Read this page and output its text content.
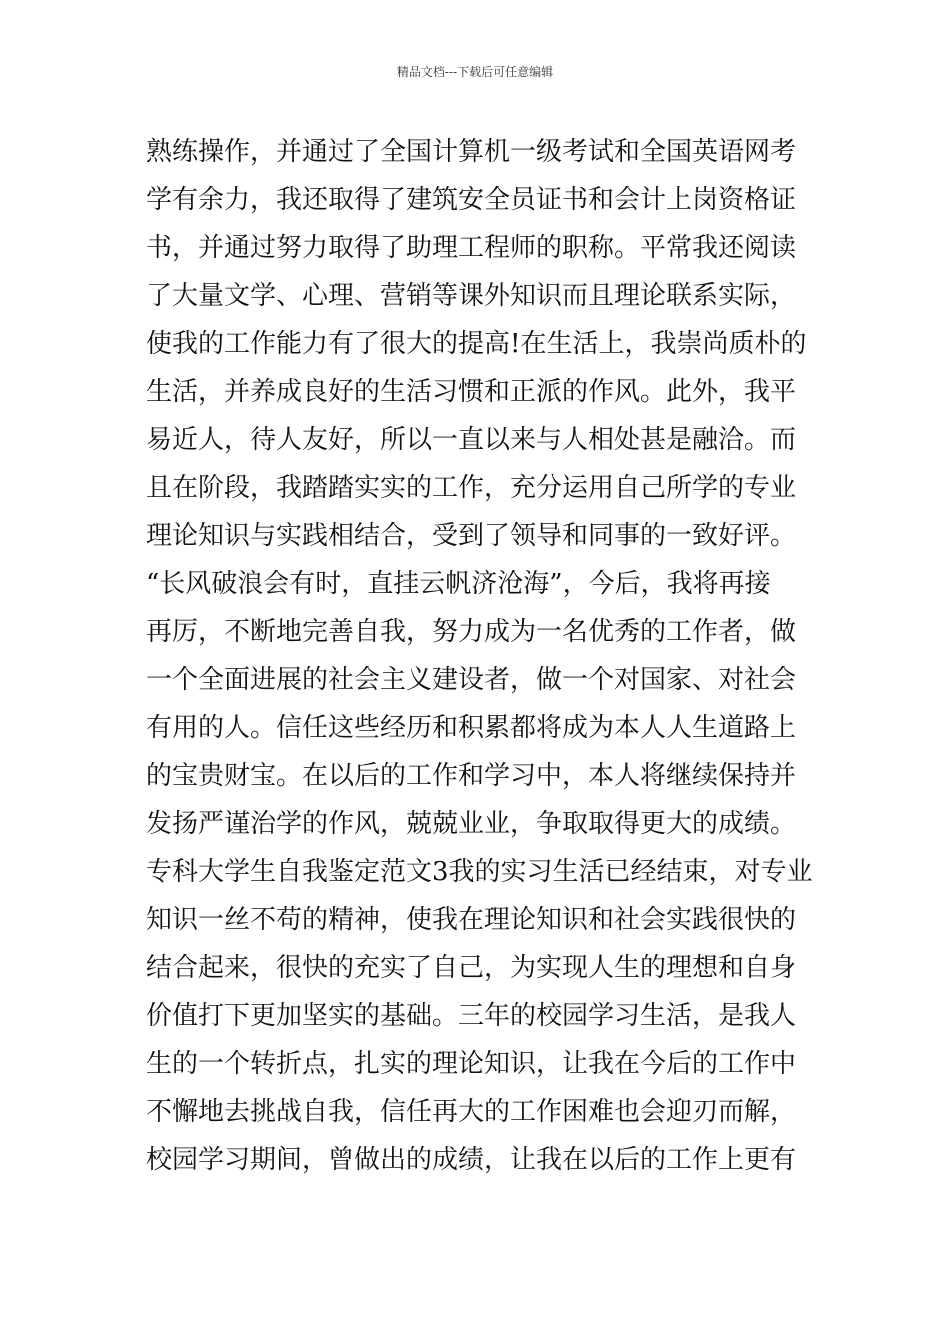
精品文档---下载后可任意编辑
熟练操作，并通过了全国计算机一级考试和全国英语网考
学有余力，我还取得了建筑安全员证书和会计上岗资格证
书，并通过努力取得了助理工程师的职称。平常我还阅读
了大量文学、心理、营销等课外知识而且理论联系实际，
使我的工作能力有了很大的提高!在生活上，我崇尚质朴的
生活，并养成良好的生活习惯和正派的作风。此外，我平
易近人，待人友好，所以一直以来与人相处甚是融洽。而
且在阶段，我踏踏实实的工作，充分运用自己所学的专业
理论知识与实践相结合，受到了领导和同事的一致好评。
“长风破浪会有时，直挂云帆济沧海”，今后，我将再接
再厉，不断地完善自我，努力成为一名优秀的工作者，做
一个全面进展的社会主义建设者，做一个对国家、对社会
有用的人。信任这些经历和积累都将成为本人人生道路上
的宝贵财宝。在以后的工作和学习中，本人将继续保持并
发扬严谨治学的作风，兢兢业业，争取取得更大的成绩。
专科大学生自我鉴定范文3我的实习生活已经结束，对专业
知识一丝不苟的精神，使我在理论知识和社会实践很快的
结合起来，很快的充实了自己，为实现人生的理想和自身
价值打下更加坚实的基础。三年的校园学习生活，是我人
生的一个转折点，扎实的理论知识，让我在今后的工作中
不懈地去挑战自我，信任再大的工作困难也会迎刃而解，
校园学习期间，曾做出的成绩，让我在以后的工作上更有
